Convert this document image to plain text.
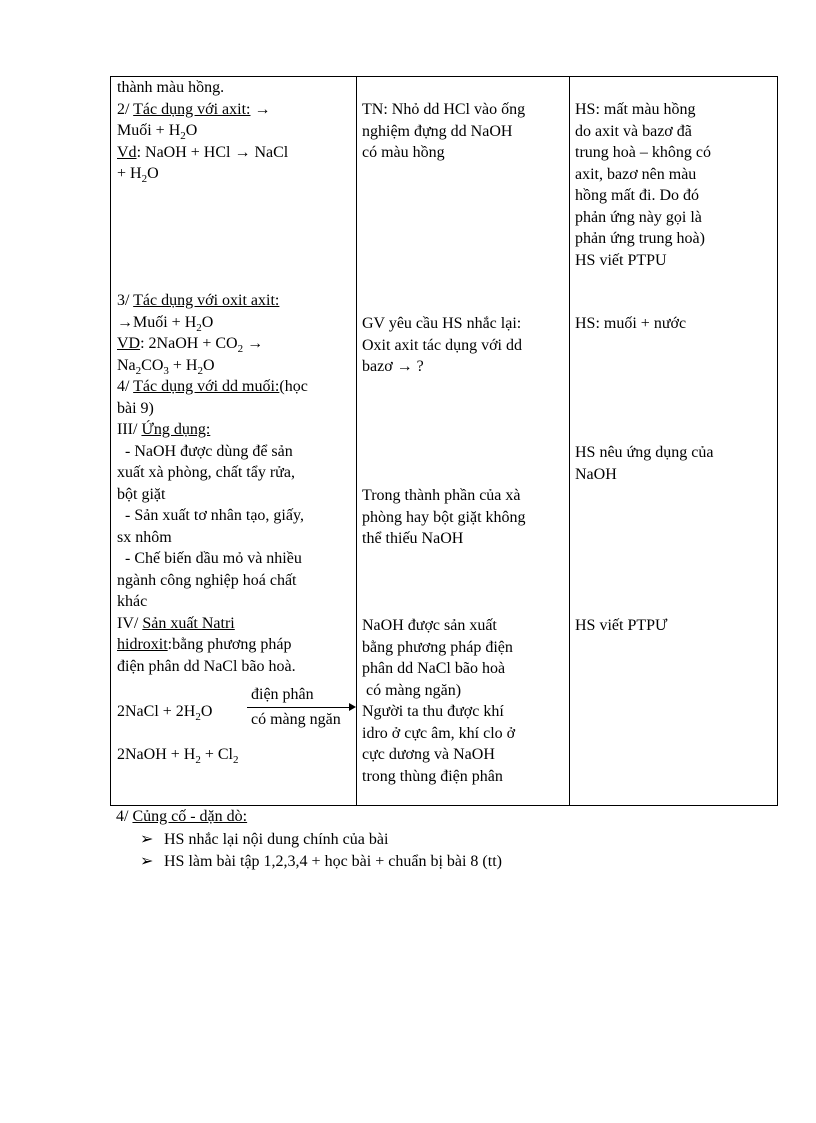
thành màu hồng.
2/ Tác dụng với axit: →
Muối + $H_2O$
Vd: NaOH + HCl → NaCl
+ $H_2O$
3/ Tác dụng với oxit axit:
→Muối + $H_2O$
VD: 2NaOH + $CO_2$ →
$Na_2CO_3 + H_2O$
4/ Tác dụng với dd muối:(học
bài 9)
III/ Ứng dụng:
- NaOH được dùng để sản
xuất xà phòng, chất tẩy rửa,
bột giặt
- Sản xuất tơ nhân tạo, giấy,
sx nhôm
- Chế biến dầu mỏ và nhiều
ngành công nghiệp hoá chất
khác
IV/ Sản xuất Natri
hidroxit:bằng phương pháp
điện phân dd NaCl bão hoà.
2NaCl + $2H_2O$
điện phân
có màng ngăn
2NaOH + $H_2 + Cl_2$
TN: Nhỏ dd HCl vào ống
nghiệm đựng dd NaOH
có màu hồng
GV yêu cầu HS nhắc lại:
Oxit axit tác dụng với dd
bazơ → ?
Trong thành phần của xà
phòng hay bột giặt không
thể thiếu NaOH
NaOH được sản xuất
bằng phương pháp điện
phân dd NaCl bão hoà
có màng ngăn)
Người ta thu được khí
idro ở cực âm, khí clo ở
cực dương và NaOH
trong thùng điện phân
HS: mất màu hồng
do axit và bazơ đã
trung hoà – không có
axit, bazơ nên màu
hồng mất đi. Do đó
phản ứng này gọi là
phản ứng trung hoà)
HS viết PTPU
HS: muối + nước
HS nêu ứng dụng của
NaOH
HS viết PTPƯ
4/ Củng cố - dặn dò:
➢ HS nhắc lại nội dung chính của bài
➢ HS làm bài tập 1,2,3,4 + học bài + chuẩn bị bài 8 (tt)
